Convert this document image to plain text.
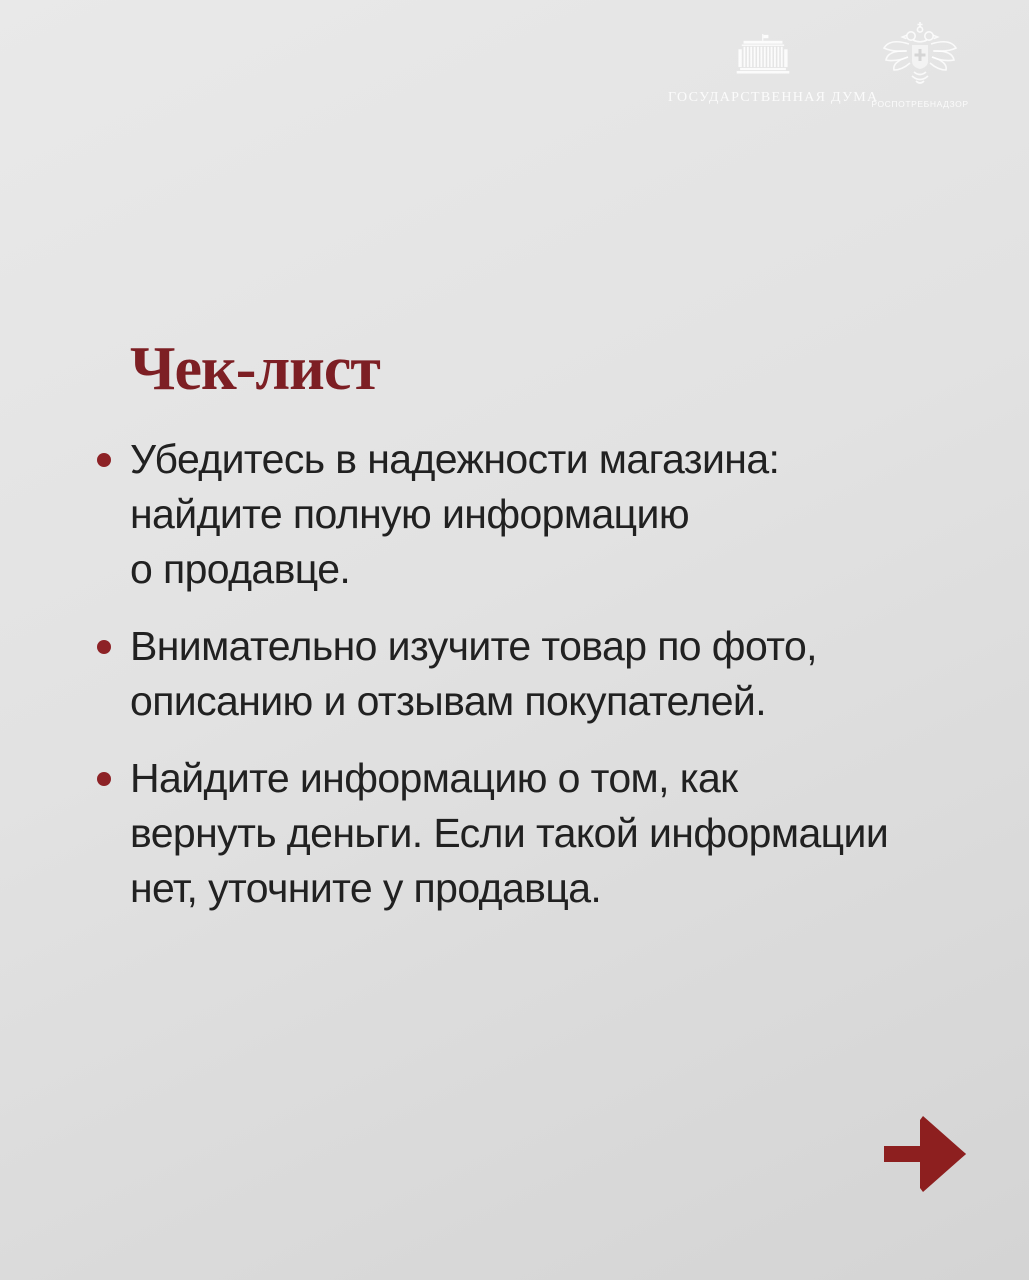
ГОСУДАРСТВЕННАЯ ДУМА
РОСПОТРЕБНАДЗОР
Чек-лист
Убедитесь в надежности магазина:
найдите полную информацию
о продавце.
Внимательно изучите товар по фото,
описанию и отзывам покупателей.
Найдите информацию о том, как
вернуть деньги. Если такой информации
нет, уточните у продавца.
